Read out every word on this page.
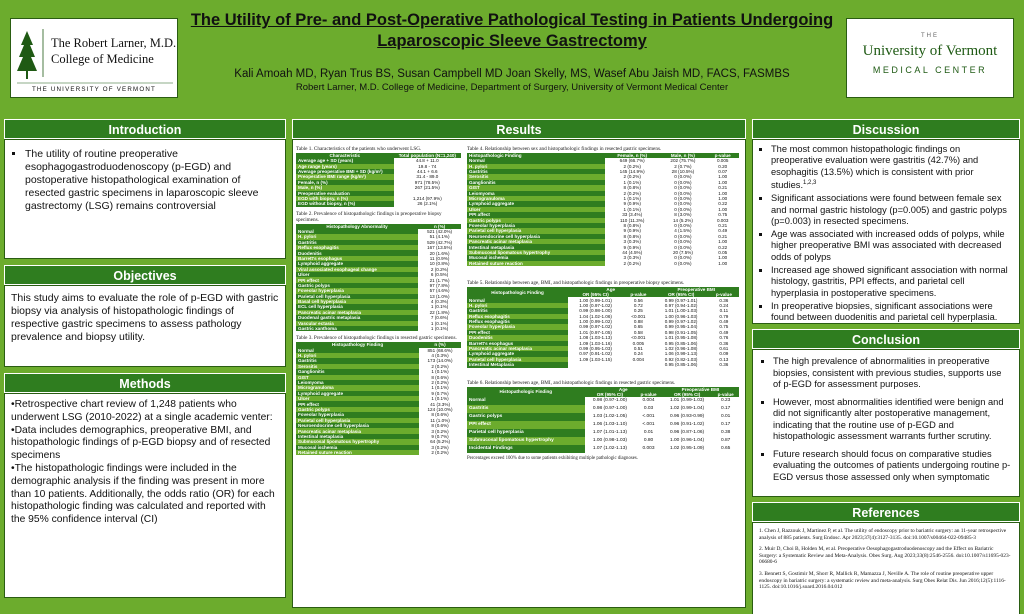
The Robert Larner, M.D.
College of Medicine
THE UNIVERSITY OF VERMONT
The Utility of Pre- and Post-Operative Pathological Testing in Patients Undergoing
Laparoscopic Sleeve Gastrectomy
Kali Amoah MD, Ryan Trus BS, Susan Campbell MD Joan Skelly, MS, Wasef Abu Jaish MD, FACS, FASMBS
Robert Larner, M.D. College of Medicine, Department of Surgery, University of Vermont Medical Center
THE
University of Vermont
MEDICAL CENTER
Introduction
▪ The utility of routine preoperative esophagogastroduodenoscopy (p-EGD) and postoperative histopathological examination of resected gastric specimens in laparoscopic sleeve gastrectomy (LSG) remains controversial
Objectives

This study aims to evaluate the role of p-EGD with gastric biopsy via analysis of histopathologic findings of respective gastric specimens to assess pathology prevalence and biopsy utility.

Methods
•Retrospective chart review of 1,248 patients who underwent LSG (2010-2022) at a single academic venter:
•Data includes demographics, preoperative BMI, and histopathologic findings of p-EGD biopsy and of resected specimens
•The histopathologic findings were included in the demographic analysis if the finding was present in more than 10 patients. Additionally, the odds ratio (OR) for each histopathologic finding was calculated and reported with the 95% confidence interval (CI)
Results
Table 1. Characteristics of the patients who underwent LSG.
Characteristic	Total population (N=1,240)
Average age + SD (years)	44.8 + 11.0
Age range (years)	19.8 - 74
Average preoperative BMI + SD (kg/m²)	44.1 + 6.6
Preoperative BMI range (kg/m²)	31.4 - 89.0
Female, n (%)	971 (78.5%)
Male, n (%)	267 (21.5%)
Preoperative evaluation	
EGD with biopsy, n (%)	1,214 (97.9%)
EGD without biopsy, n (%)	26 (2.1%)
Table 2. Prevalence of histopathologic findings in preoperative biopsy specimens.
Histopathology Abnormality	n (%)
Normal	521 (42.0%)
H. pylori	51 (4.1%)
Gastritis	529 (42.7%)
Reflux esophagitis	167 (13.5%)
Duodenitis	20 (1.6%)
Barrett's esophagus	11 (0.9%)
Lymphoid aggregate	10 (0.8%)
Viral associated esophageal change	2 (0.2%)
Ulcer	6 (0.5%)
PPI effect	21 (1.7%)
Gastric polyps	97 (7.8%)
Foveolar hyperplasia	57 (4.6%)
Parietal cell hyperplasia	13 (1.0%)
Basal cell hyperplasia	4 (0.3%)
ECL cell hyperplasia	1 (0.1%)
Pancreatic acinar metaplasia	22 (1.8%)
Duodenal gastric metaplasia	7 (0.6%)
Vascular ectasia	1 (0.1%)
Gastric xanthoma	1 (0.1%)
Table 3. Prevalence of histopathologic findings in resected gastric specimens.
Histopathology Finding	n (%)
Normal	851 (68.6%)
H. pylori	4 (0.3%)
Gastritis	173 (14.0%)
Serositis	2 (0.2%)
Ganglionitis	1 (0.1%)
GIST	8 (0.6%)
Leiomyoma	2 (0.2%)
Microgranuloma	1 (0.1%)
Lymphoid aggregate	9 (0.7%)
Ulcer	1 (0.1%)
PPI effect	41 (3.3%)
Gastric polyps	124 (10.0%)
Foveolar hyperplasia	8 (0.6%)
Parietal cell hyperplasia	11 (1.0%)
Neuroendocrine cell hyperplasia	8 (0.6%)
Pancreatic acinar metaplasia	3 (0.2%)
Intestinal metaplasia	9 (0.7%)
Submucosal lipomatous hypertrophy	64 (5.2%)
Mucosal ischemia	3 (0.2%)
Retained suture reaction	2 (0.2%)
Table 4. Relationship between sex and histopathologic findings in resected gastric specimens.
Histopathologic Finding	Female, n (%)	Male, n (%)	p-value
Normal	649 (66.7%)	202 (75.7%)	0.005
H. pylori	2 (0.2%)	2 (0.7%)	0.20
Gastritis	145 (14.9%)	28 (10.5%)	0.07
Serositis	2 (0.2%)	0 (0.0%)	1.00
Ganglionitis	1 (0.1%)	0 (0.0%)	1.00
GIST	8 (0.8%)	0 (0.0%)	0.21
Leiomyoma	2 (0.2%)	0 (0.0%)	1.00
Microgranuloma	1 (0.1%)	0 (0.0%)	1.00
Lymphoid aggregate	9 (0.9%)	0 (0.0%)	0.22
Ulcer	1 (0.1%)	0 (0.0%)	1.00
PPI affect	33 (3.4%)	8 (3.0%)	0.75
Gastric polyps	110 (11.3%)	14 (5.2%)	0.003
Foveolar hyperplasia	8 (0.8%)	0 (0.0%)	0.21
Parietal cell hyperplasia	9 (0.9%)	4 (1.5%)	0.49
Neuroendocrine cell hyperplasia	8 (0.8%)	0 (0.0%)	0.21
Pancreatic acinar metaplasia	3 (0.3%)	0 (0.0%)	1.00
Intestinal metaplasia	9 (0.9%)	0 (0.0%)	0.22
Submucosal lipomatous hypertrophy	44 (4.5%)	20 (7.5%)	0.05
Mucosal ischemia	3 (0.3%)	0 (0.0%)	1.00
Retained suture reaction	2 (0.2%)	0 (0.0%)	1.00
Table 5. Relationship between age, BMI, and histopathologic findings in preoperative biopsy specimens.
Histopathologic Finding	Age		Preoperative BMI	
	OR (95% CI)	p-value	OR (95% CI)	p-value
Normal	1.00 (0.99-1.01)	0.56	0.99 (0.97-1.01)	0.36
H. pylori	1.00 (0.97-1.02)	0.72	0.97 (0.94-1.02)	0.24
Gastritis	0.99 (0.98-1.00)	0.25	1.01 (1.00-1.03)	0.11
Reflux esophagitis	1.04 (1.02-1.06)	<0.001	1.00 (0.96-1.03)	0.79
Reflux esophagitis	1.00 (0.99-1.02)	0.88	0.99 (0.97-1.02)	0.49
Foveolar hyperplasia	0.99 (0.97-1.02)	0.65	0.99 (0.95-1.04)	0.75
PPI effect	1.01 (0.97-1.05)	0.58	0.98 (0.91-1.05)	0.49
Duodenitis	1.08 (1.03-1.13)	<0.001	1.01 (0.95-1.08)	0.76
Barrett's esophagus	1.09 (1.03-1.16)	0.005	0.95 (0.85-1.06)	0.36
Pancreatic acinar metaplasia	0.99 (0.95-1.03)	0.51	1.02 (0.96-1.08)	0.61
Lymphoid aggregate	0.97 (0.91-1.02)	0.24	1.06 (0.99-1.13)	0.09
Parietal cell hyperplasia	1.09 (1.03-1.15)	0.004	0.92 (0.82-1.03)	0.13
Intestinal Metaplasia			0.95 (0.85-1.06)	0.36
Table 6. Relationship between age, BMI, and histopathologic findings in resected gastric specimens.
Histopathologic Finding	Age		Preoperative BMI	
	OR (95% CI)	p-value	OR (95% CI)	p-value
Normal	0.98 (0.97-1.00)	0.004	1.01 (0.99-1.03)	0.23
Gastritis	0.98 (0.97-1.00)	0.03	1.02 (0.99-1.04)	0.17
Gastric polyps	1.03 (1.02-1.05)	<.001	0.96 (0.93-0.99)	0.01
PPI effect	1.06 (1.03-1.10)	<.001	0.96 (0.91-1.02)	0.17
Parietal cell hyperplasia	1.07 (1.01-1.13)	0.01	0.96 (0.87-1.06)	0.38
Submucosal lipomatous hypertrophy	1.00 (0.98-1.03)	0.80	1.00 (0.96-1.04)	0.87
Incidental Findings	1.07 (1.02-1.13)	0.003	1.02 (0.95-1.09)	0.65
Percentages exceed 100% due to some patients exhibiting multiple pathologic diagnoses.
Discussion
▪ The most common histopathologic findings on preoperative evaluation were gastritis (42.7%) and esophagitis (13.5%) which is consistent with prior studies.$^{1,2,3}$
▪ Significant associations were found between female sex and normal gastric histology (p=0.005) and gastric polyps (p=0.003) in resected specimens.
▪ Age was associated with increased odds of polyps, while higher preoperative BMI was associated with decreased odds of polyps
▪ Increased age showed significant association with normal histology, gastritis, PPI effects, and parietal cell hyperplasia in postoperative specimens.
▪ In preoperative biopsies, significant associations were found between duodenitis and parietal cell hyperplasia.
Conclusion
▪ The high prevalence of abnormalities in preoperative biopsies, consistent with previous studies, supports use of p-EGD for assessment purposes.
▪ However, most abnormalities identified were benign and did not significantly alter postoperative management, indicating that the routine use of p-EGD and histopathologic assessment warrants further scrutiny.
▪ Future research should focus on comparative studies evaluating the outcomes of patients undergoing routine p-EGD versus those assessed only when symptomatic
References

1. Chen J, Razzouk J, Martinez P, et al. The utility of endoscopy prior to bariatric surgery: an 11-year retrospective analysis of 885 patients. Surg Endosc. Apr 2023;37(4):3127-3135. doi:10.1007/s00464-022-09485-3

2. Muir D, Choi B, Holden M, et al. Preoperative Oesophagogastroduodenoscopy and the Effect on Bariatric Surgery: a Systematic Review and Meta-Analysis. Obes Surg. Aug 2023;33(8):2546-2556. doi:10.1007/s11695-023-06680-6

3. Bennett S, Gostimir M, Shorr R, Mallick R, Mamazza J, Neville A. The role of routine preoperative upper endoscopy in bariatric surgery: a systematic review and meta-analysis. Surg Obes Relat Dis. Jun 2016;12(5):1116-1125. doi:10.1016/j.soard.2016.04.012
